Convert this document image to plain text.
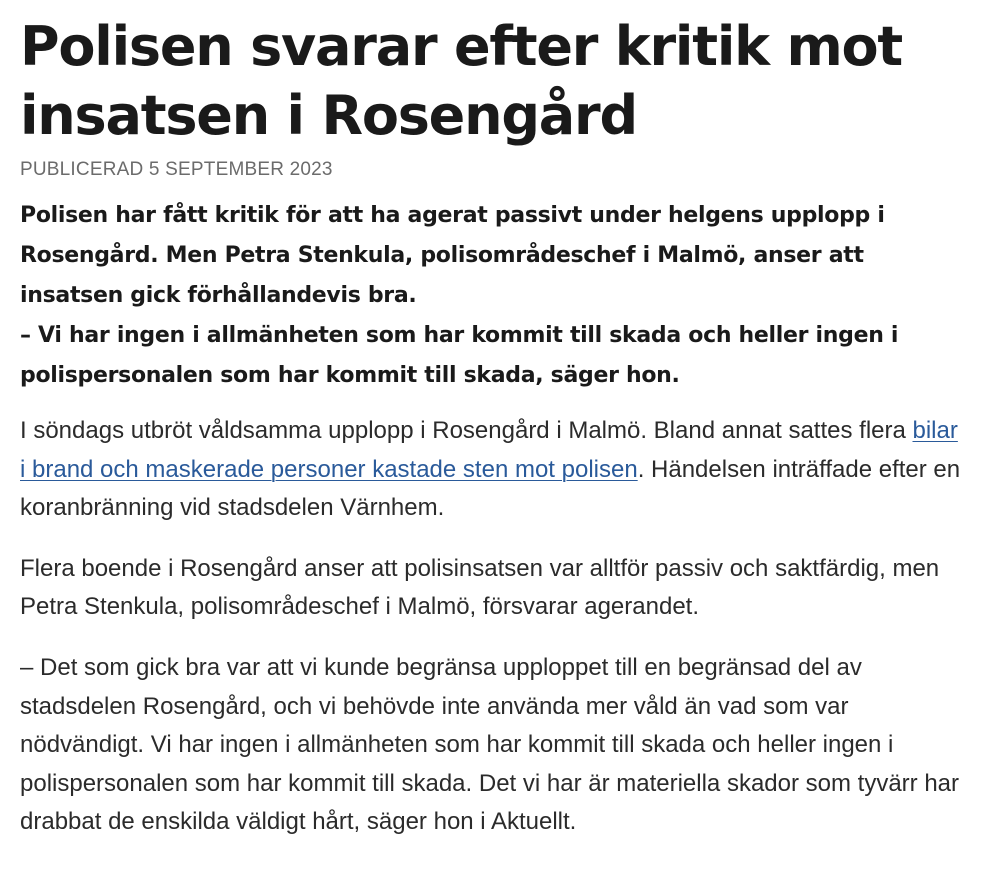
Polisen svarar efter kritik mot insatsen i Rosengård
PUBLICERAD 5 SEPTEMBER 2023

Polisen har fått kritik för att ha agerat passivt under helgens upplopp i Rosengård. Men Petra Stenkula, polisområdeschef i Malmö, anser att insatsen gick förhållandevis bra.

– Vi har ingen i allmänheten som har kommit till skada och heller ingen i polispersonalen som har kommit till skada, säger hon.

I söndags utbröt våldsamma upplopp i Rosengård i Malmö. Bland annat sattes flera bilar i brand och maskerade personer kastade sten mot polisen. Händelsen inträffade efter en koranbränning vid stadsdelen Värnhem.

Flera boende i Rosengård anser att polisinsatsen var alltför passiv och saktfärdig, men Petra Stenkula, polisområdeschef i Malmö, försvarar agerandet.

– Det som gick bra var att vi kunde begränsa upploppet till en begränsad del av stadsdelen Rosengård, och vi behövde inte använda mer våld än vad som var nödvändigt. Vi har ingen i allmänheten som har kommit till skada och heller ingen i polispersonalen som har kommit till skada. Det vi har är materiella skador som tyvärr har drabbat de enskilda väldigt hårt, säger hon i Aktuellt.
